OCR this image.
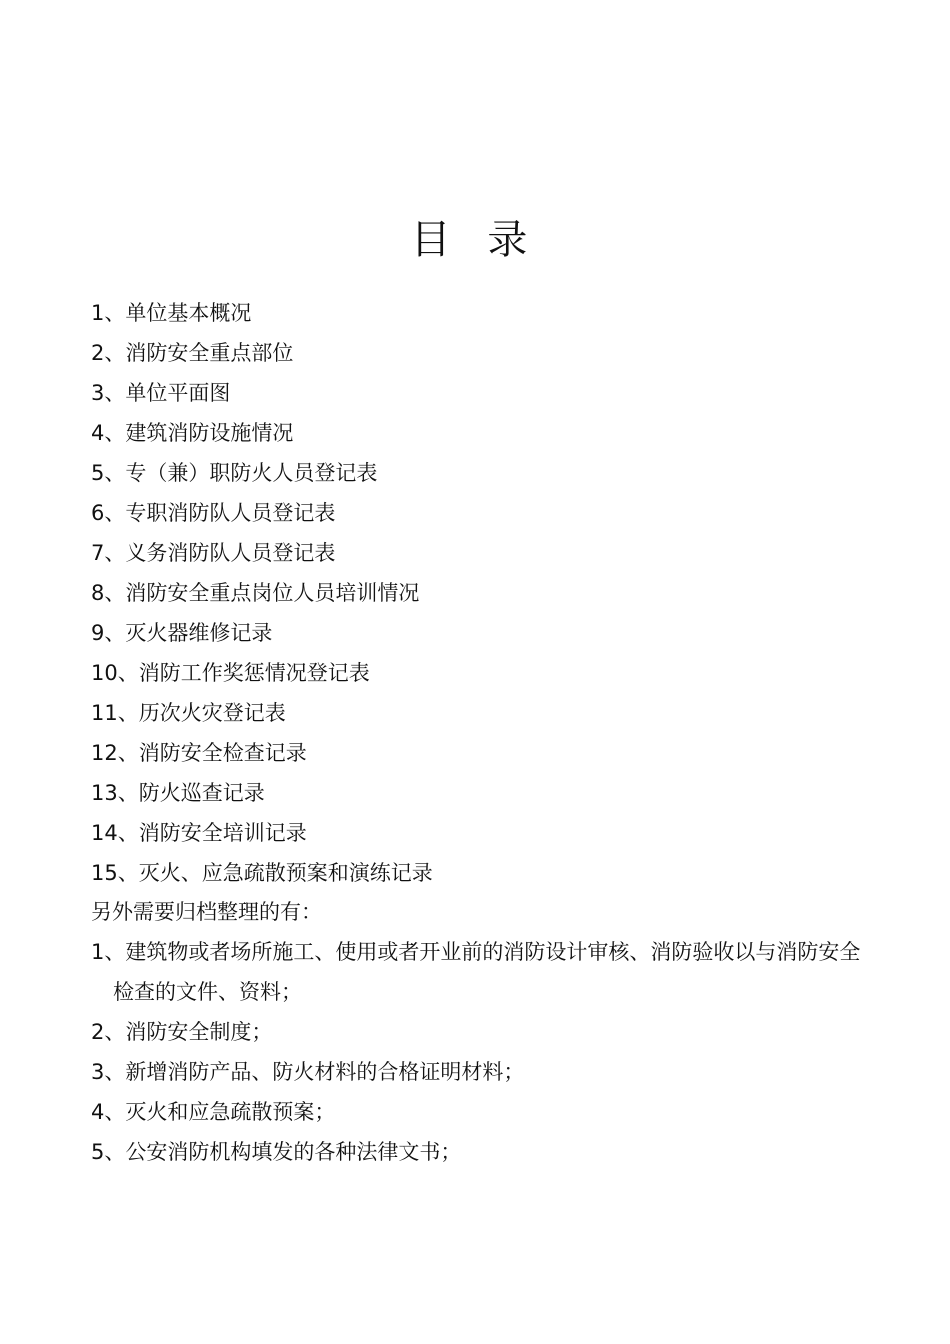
目 录
1、单位基本概况
2、消防安全重点部位
3、单位平面图
4、建筑消防设施情况
5、专（兼）职防火人员登记表
6、专职消防队人员登记表
7、义务消防队人员登记表
8、消防安全重点岗位人员培训情况
9、灭火器维修记录
10、消防工作奖惩情况登记表
11、历次火灾登记表
12、消防安全检查记录
13、防火巡查记录
14、消防安全培训记录
15、灭火、应急疏散预案和演练记录

另外需要归档整理的有：

1、建筑物或者场所施工、使用或者开业前的消防设计审核、消防验收以与消防安全检查的文件、资料；
2、消防安全制度；
3、新增消防产品、防火材料的合格证明材料；
4、灭火和应急疏散预案；
5、公安消防机构填发的各种法律文书；
